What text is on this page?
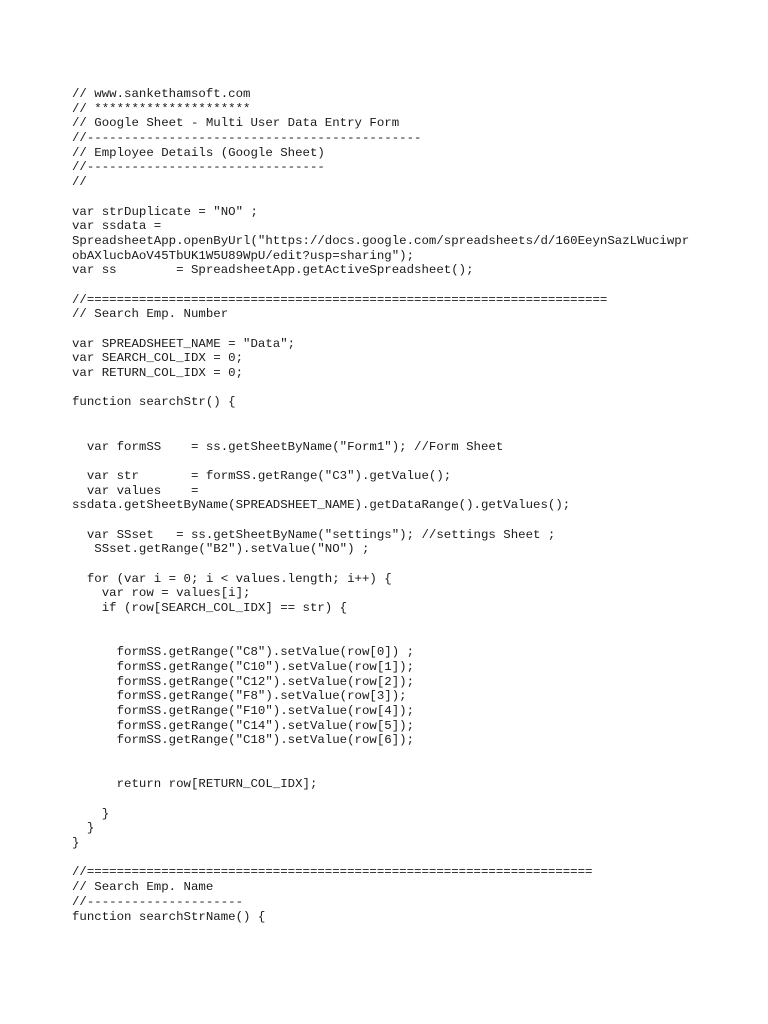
// www.sankethamsoft.com
// *********************
// Google Sheet - Multi User Data Entry Form
//---------------------------------------------
// Employee Details (Google Sheet)
//--------------------------------
//
var strDuplicate = "NO" ;
var ssdata =
SpreadsheetApp.openByUrl("https://docs.google.com/spreadsheets/d/160EeynSazLWuciwpr
obAXlucbAoV45TbUK1W5U89WpU/edit?usp=sharing");
var ss        = SpreadsheetApp.getActiveSpreadsheet();
//======================================================================
// Search Emp. Number
var SPREADSHEET_NAME = "Data";
var SEARCH_COL_IDX = 0;
var RETURN_COL_IDX = 0;
function searchStr() {
var formSS    = ss.getSheetByName("Form1"); //Form Sheet
var str       = formSS.getRange("C3").getValue();
var values    =
ssdata.getSheetByName(SPREADSHEET_NAME).getDataRange().getValues();
var SSset   = ss.getSheetByName("settings"); //settings Sheet ;
SSset.getRange("B2").setValue("NO") ;
for (var i = 0; i < values.length; i++) {
var row = values[i];
if (row[SEARCH_COL_IDX] == str) {
formSS.getRange("C8").setValue(row[0]) ;
formSS.getRange("C10").setValue(row[1]);
formSS.getRange("C12").setValue(row[2]);
formSS.getRange("F8").setValue(row[3]);
formSS.getRange("F10").setValue(row[4]);
formSS.getRange("C14").setValue(row[5]);
formSS.getRange("C18").setValue(row[6]);
return row[RETURN_COL_IDX];
}
}
}
//====================================================================
// Search Emp. Name
//---------------------
function searchStrName() {
